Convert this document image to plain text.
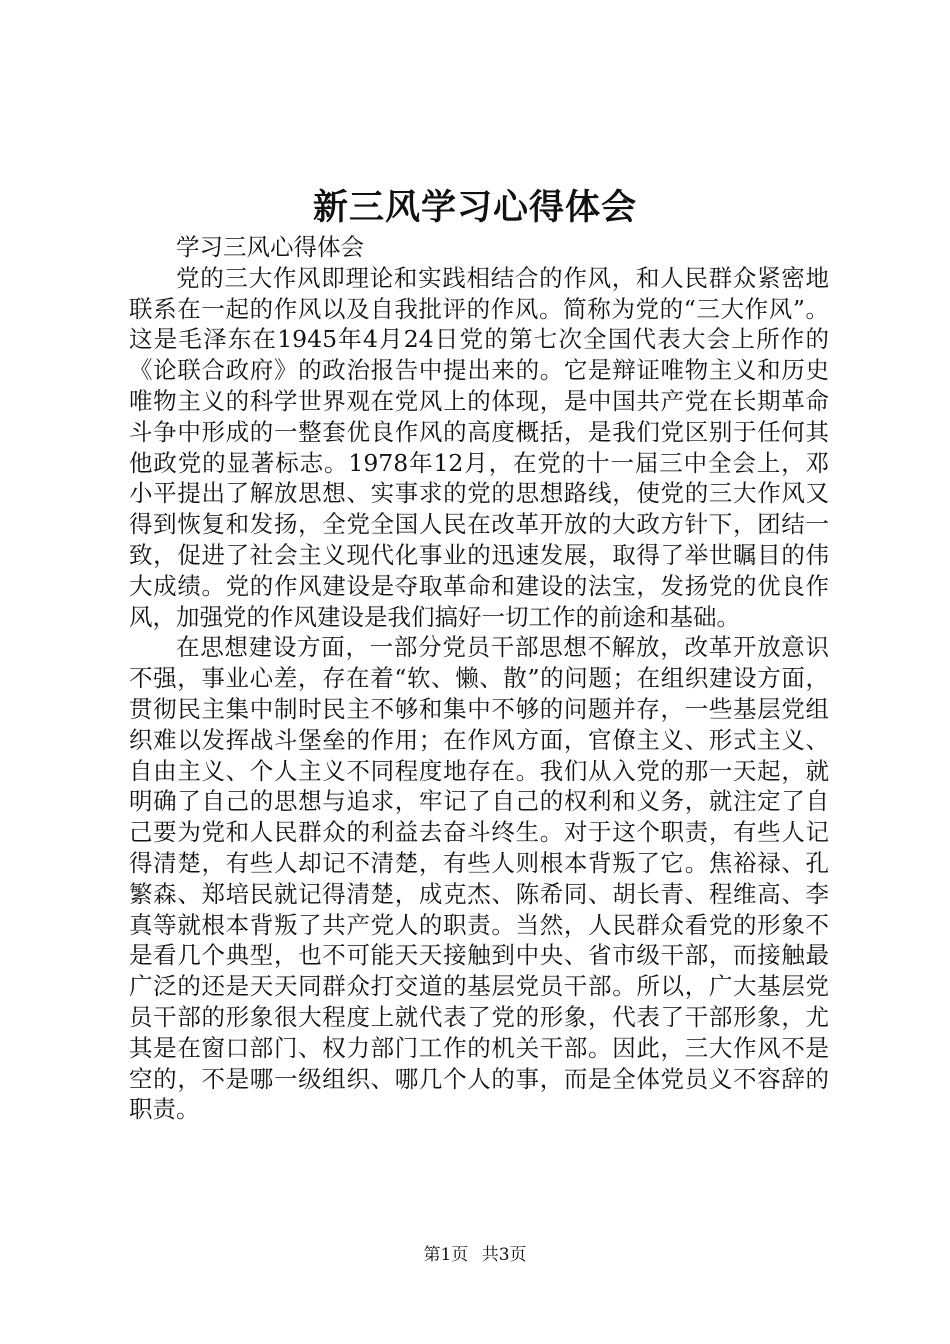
新三风学习心得体会

学习三风心得体会

党的三大作风即理论和实践相结合的作风，和人民群众紧密地联系在一起的作风以及自我批评的作风。简称为党的“三大作风”。这是毛泽东在1945年4月24日党的第七次全国代表大会上所作的《论联合政府》的政治报告中提出来的。它是辩证唯物主义和历史唯物主义的科学世界观在党风上的体现，是中国共产党在长期革命斗争中形成的一整套优良作风的高度概括，是我们党区别于任何其他政党的显著标志。1978年12月，在党的十一届三中全会上，邓小平提出了解放思想、实事求的党的思想路线，使党的三大作风又得到恢复和发扬，全党全国人民在改革开放的大政方针下，团结一致，促进了社会主义现代化事业的迅速发展，取得了举世瞩目的伟大成绩。党的作风建设是夺取革命和建设的法宝，发扬党的优良作风，加强党的作风建设是我们搞好一切工作的前途和基础。

在思想建设方面，一部分党员干部思想不解放，改革开放意识不强，事业心差，存在着“软、懒、散”的问题；在组织建设方面，贯彻民主集中制时民主不够和集中不够的问题并存，一些基层党组织难以发挥战斗堡垒的作用；在作风方面，官僚主义、形式主义、自由主义、个人主义不同程度地存在。我们从入党的那一天起，就明确了自己的思想与追求，牢记了自己的权利和义务，就注定了自己要为党和人民群众的利益去奋斗终生。对于这个职责，有些人记得清楚，有些人却记不清楚，有些人则根本背叛了它。焦裕禄、孔繁森、郑培民就记得清楚，成克杰、陈希同、胡长青、程维高、李真等就根本背叛了共产党人的职责。当然，人民群众看党的形象不是看几个典型，也不可能天天接触到中央、省市级干部，而接触最广泛的还是天天同群众打交道的基层党员干部。所以，广大基层党员干部的形象很大程度上就代表了党的形象，代表了干部形象，尤其是在窗口部门、权力部门工作的机关干部。因此，三大作风不是空的，不是哪一级组织、哪几个人的事，而是全体党员义不容辞的职责。

第1页 共3页
